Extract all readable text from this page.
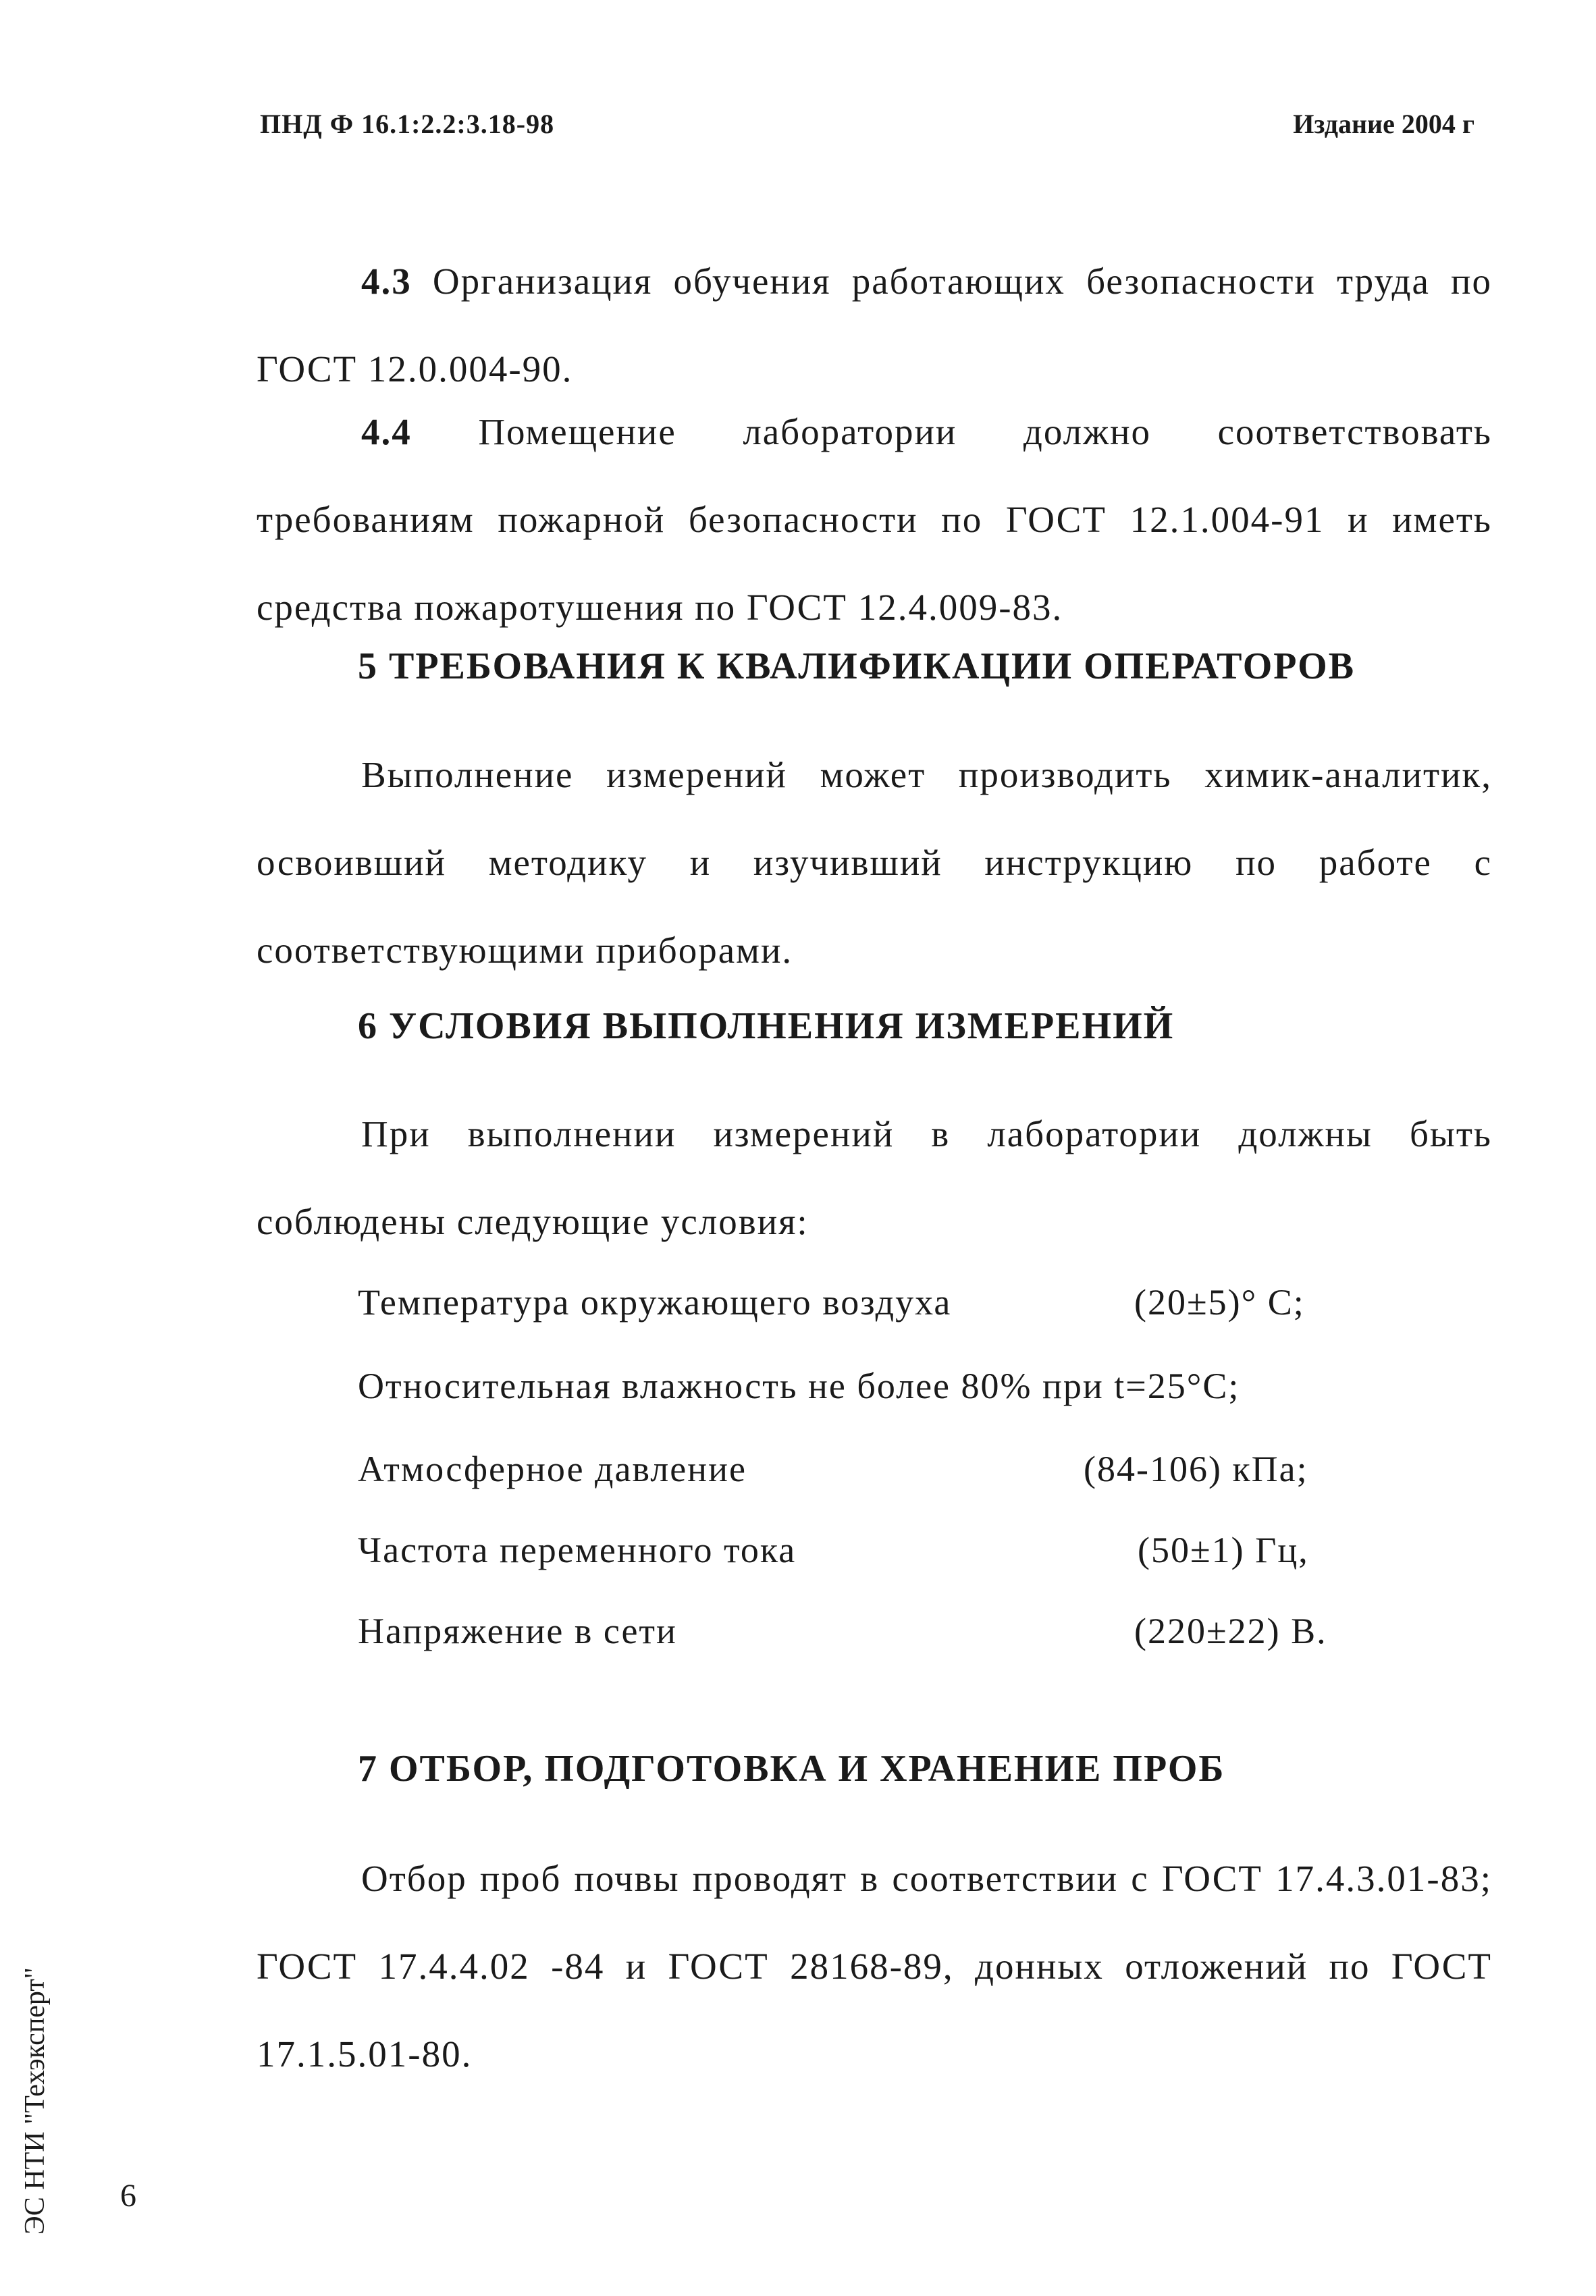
ПНД Ф 16.1:2.2:3.18-98	Издание 2004 г

4.3 Организация обучения работающих безопасности труда по ГОСТ 12.0.004-90.

4.4 Помещение лаборатории должно соответствовать требованиям пожарной безопасности по ГОСТ 12.1.004-91 и иметь средства пожаротушения по ГОСТ 12.4.009-83.

5 ТРЕБОВАНИЯ К КВАЛИФИКАЦИИ ОПЕРАТОРОВ

Выполнение измерений может производить химик-аналитик, освоивший методику и изучивший инструкцию по работе с соответствующими приборами.

6 УСЛОВИЯ ВЫПОЛНЕНИЯ ИЗМЕРЕНИЙ

При выполнении измерений в лаборатории должны быть соблюдены следующие условия:

Температура окружающего воздуха	(20±5)° С;
Относительная влажность не более 80% при t=25°С;
Атмосферное давление	(84-106) кПа;
Частота переменного тока	(50±1) Гц,
Напряжение в сети	(220±22) В.
7 ОТБОР, ПОДГОТОВКА И ХРАНЕНИЕ ПРОБ

Отбор проб почвы проводят в соответствии с ГОСТ 17.4.3.01-83; ГОСТ 17.4.4.02 -84 и ГОСТ 28168-89, донных отложений по ГОСТ 17.1.5.01-80.

ЭС НТИ "Техэксперт" 6
